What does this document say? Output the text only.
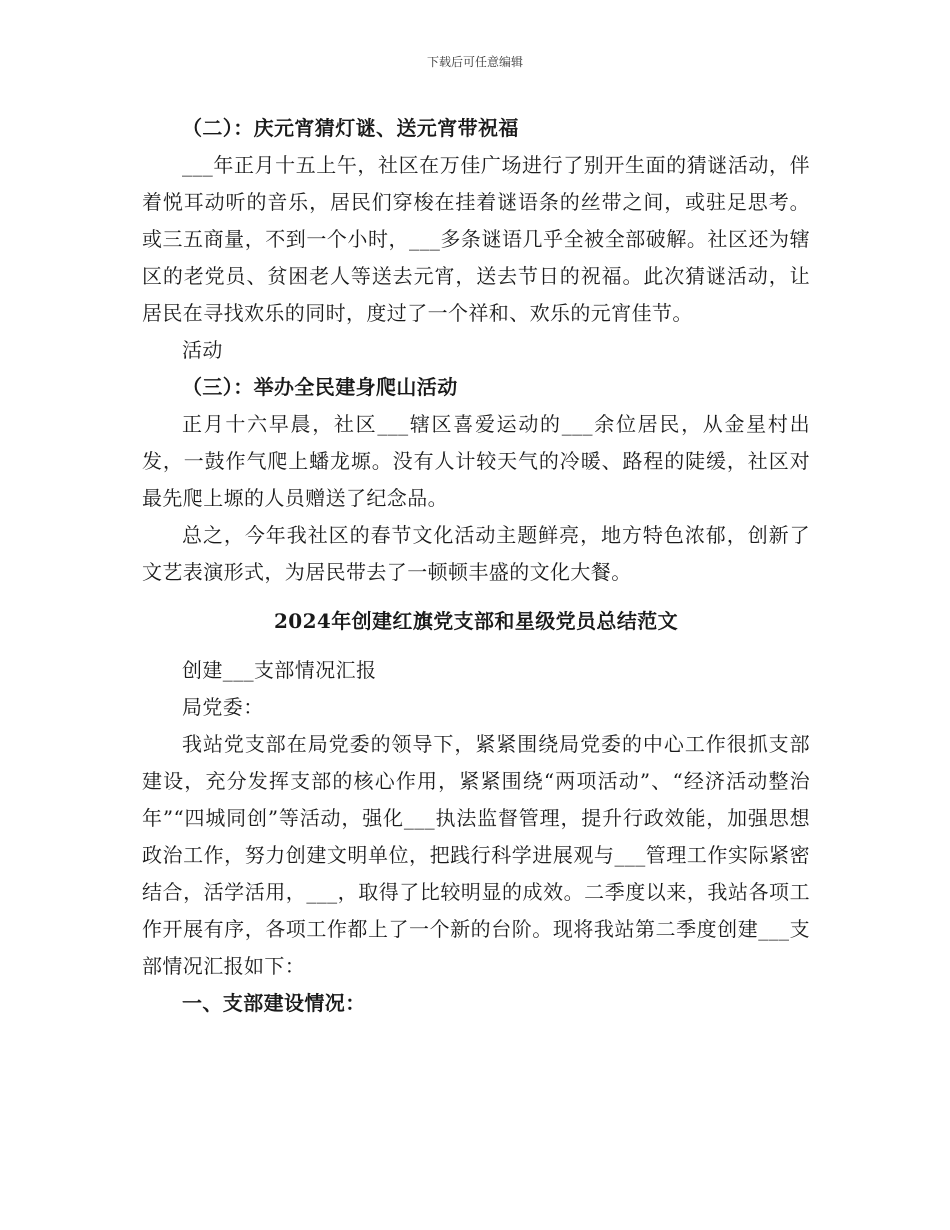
下载后可任意编辑

（二）：庆元宵猜灯谜、送元宵带祝福

___年正月十五上午，社区在万佳广场进行了别开生面的猜谜活动，伴着悦耳动听的音乐，居民们穿梭在挂着谜语条的丝带之间，或驻足思考。或三五商量，不到一个小时，___多条谜语几乎全被全部破解。社区还为辖区的老党员、贫困老人等送去元宵，送去节日的祝福。此次猜谜活动，让居民在寻找欢乐的同时，度过了一个祥和、欢乐的元宵佳节。

活动

（三）：举办全民建身爬山活动

正月十六早晨，社区___辖区喜爱运动的___余位居民，从金星村出发，一鼓作气爬上蟠龙塬。没有人计较天气的冷暖、路程的陡缓，社区对最先爬上塬的人员赠送了纪念品。

总之，今年我社区的春节文化活动主题鲜亮，地方特色浓郁，创新了文艺表演形式，为居民带去了一顿顿丰盛的文化大餐。

2024年创建红旗党支部和星级党员总结范文

创建___支部情况汇报

局党委：

我站党支部在局党委的领导下，紧紧围绕局党委的中心工作很抓支部建设，充分发挥支部的核心作用，紧紧围绕“两项活动”、“经济活动整治年”“四城同创”等活动，强化___执法监督管理，提升行政效能，加强思想政治工作，努力创建文明单位，把践行科学进展观与___管理工作实际紧密结合，活学活用，___，取得了比较明显的成效。二季度以来，我站各项工作开展有序，各项工作都上了一个新的台阶。现将我站第二季度创建___支部情况汇报如下：

一、支部建设情况：
